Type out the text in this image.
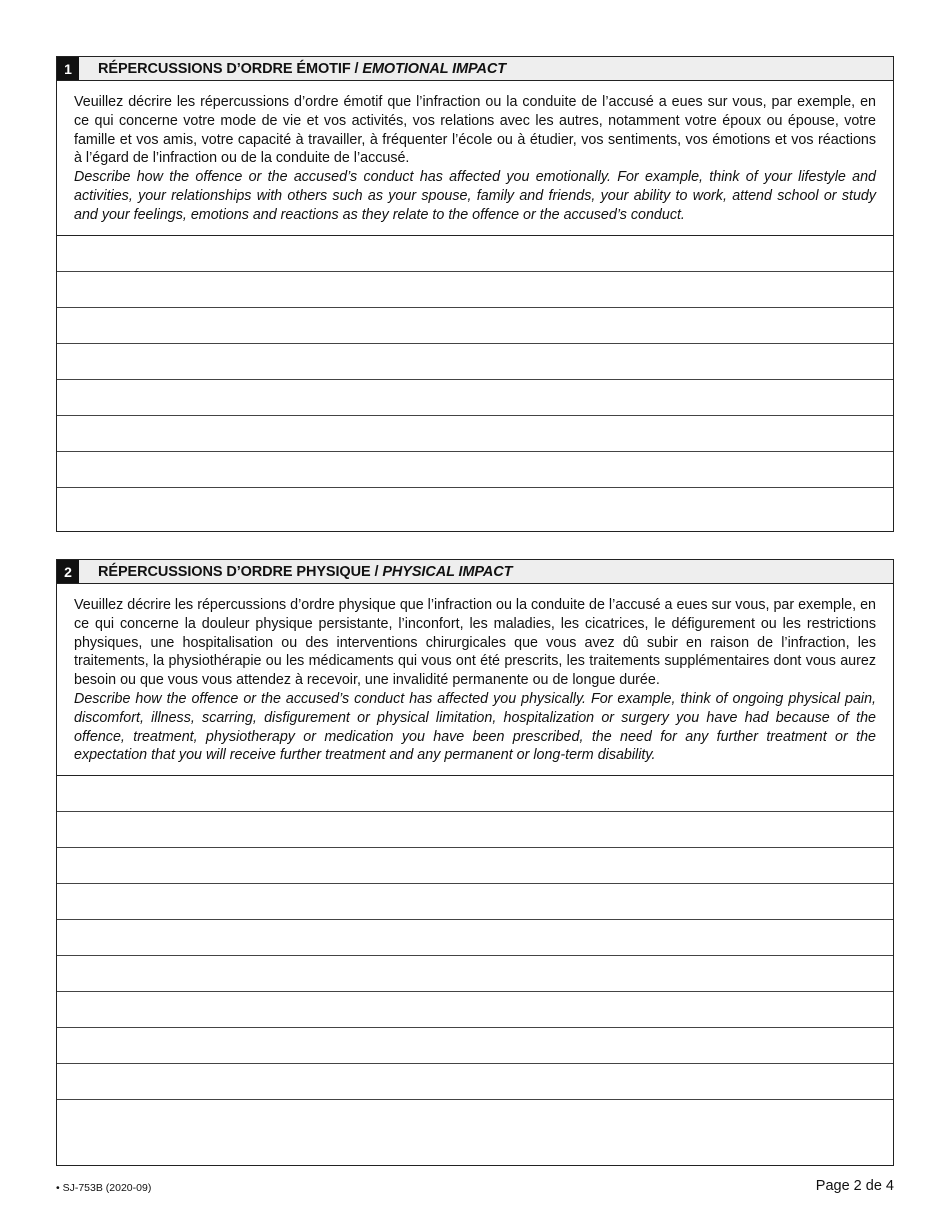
1	RÉPERCUSSIONS D’ORDRE ÉMOTIF / EMOTIONAL IMPACT

Veuillez décrire les répercussions d’ordre émotif que l’infraction ou la conduite de l’accusé a eues sur vous, par exemple, en ce qui concerne votre mode de vie et vos activités, vos relations avec les autres, notamment votre époux ou épouse, votre famille et vos amis, votre capacité à travailler, à fréquenter l’école ou à étudier, vos sentiments, vos émotions et vos réactions à l’égard de l’infraction ou de la conduite de l’accusé.

Describe how the offence or the accused’s conduct has affected you emotionally. For example, think of your lifestyle and activities, your relationships with others such as your spouse, family and friends, your ability to work, attend school or study and your feelings, emotions and reactions as they relate to the offence or the accused’s conduct.

2	RÉPERCUSSIONS D’ORDRE PHYSIQUE / PHYSICAL IMPACT

Veuillez décrire les répercussions d’ordre physique que l’infraction ou la conduite de l’accusé a eues sur vous, par exemple, en ce qui concerne la douleur physique persistante, l’inconfort, les maladies, les cicatrices, le défigurement ou les restrictions physiques, une hospitalisation ou des interventions chirurgicales que vous avez dû subir en raison de l’infraction, les traitements, la physiothérapie ou les médicaments qui vous ont été prescrits, les traitements supplémentaires dont vous aurez besoin ou que vous vous attendez à recevoir, une invalidité permanente ou de longue durée.

Describe how the offence or the accused’s conduct has affected you physically. For example, think of ongoing physical pain, discomfort, illness, scarring, disfigurement or physical limitation, hospitalization or surgery you have had because of the offence, treatment, physiotherapy or medication you have been prescribed, the need for any further treatment or the expectation that you will receive further treatment and any permanent or long-term disability.

• SJ-753B (2020-09)	Page 2 de 4
